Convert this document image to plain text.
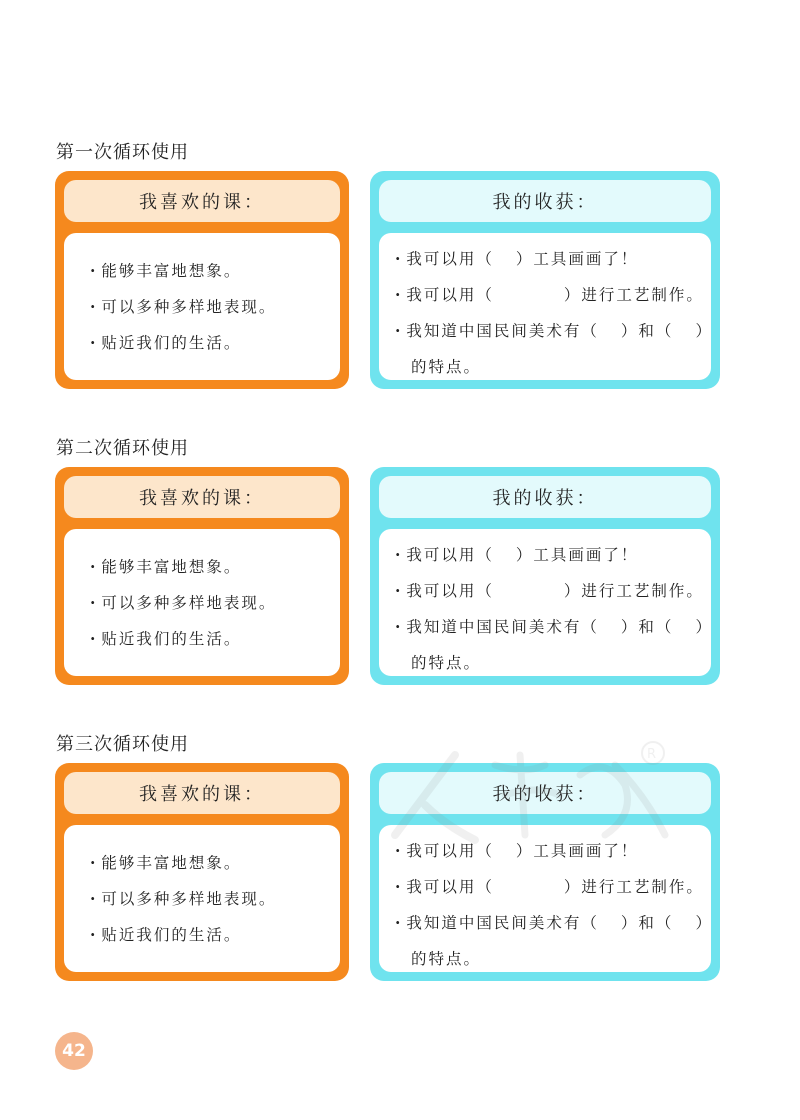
第一次循环使用
我喜欢的课：
· 能够丰富地想象。
· 可以多种多样地表现。
· 贴近我们的生活。
我的收获：
· 我可以用（ ）工具画画了！
· 我可以用（	）进行工艺制作。
· 我知道中国民间美术有（ ）和（ ）
的特点。
第二次循环使用
我喜欢的课：
· 能够丰富地想象。
· 可以多种多样地表现。
· 贴近我们的生活。
我的收获：
· 我可以用（ ）工具画画了！
· 我可以用（	）进行工艺制作。
· 我知道中国民间美术有（ ）和（ ）
的特点。
第三次循环使用
我喜欢的课：
· 能够丰富地想象。
· 可以多种多样地表现。
· 贴近我们的生活。
我的收获：
· 我可以用（ ）工具画画了！
· 我可以用（	）进行工艺制作。
· 我知道中国民间美术有（ ）和（ ）
的特点。
R
42
